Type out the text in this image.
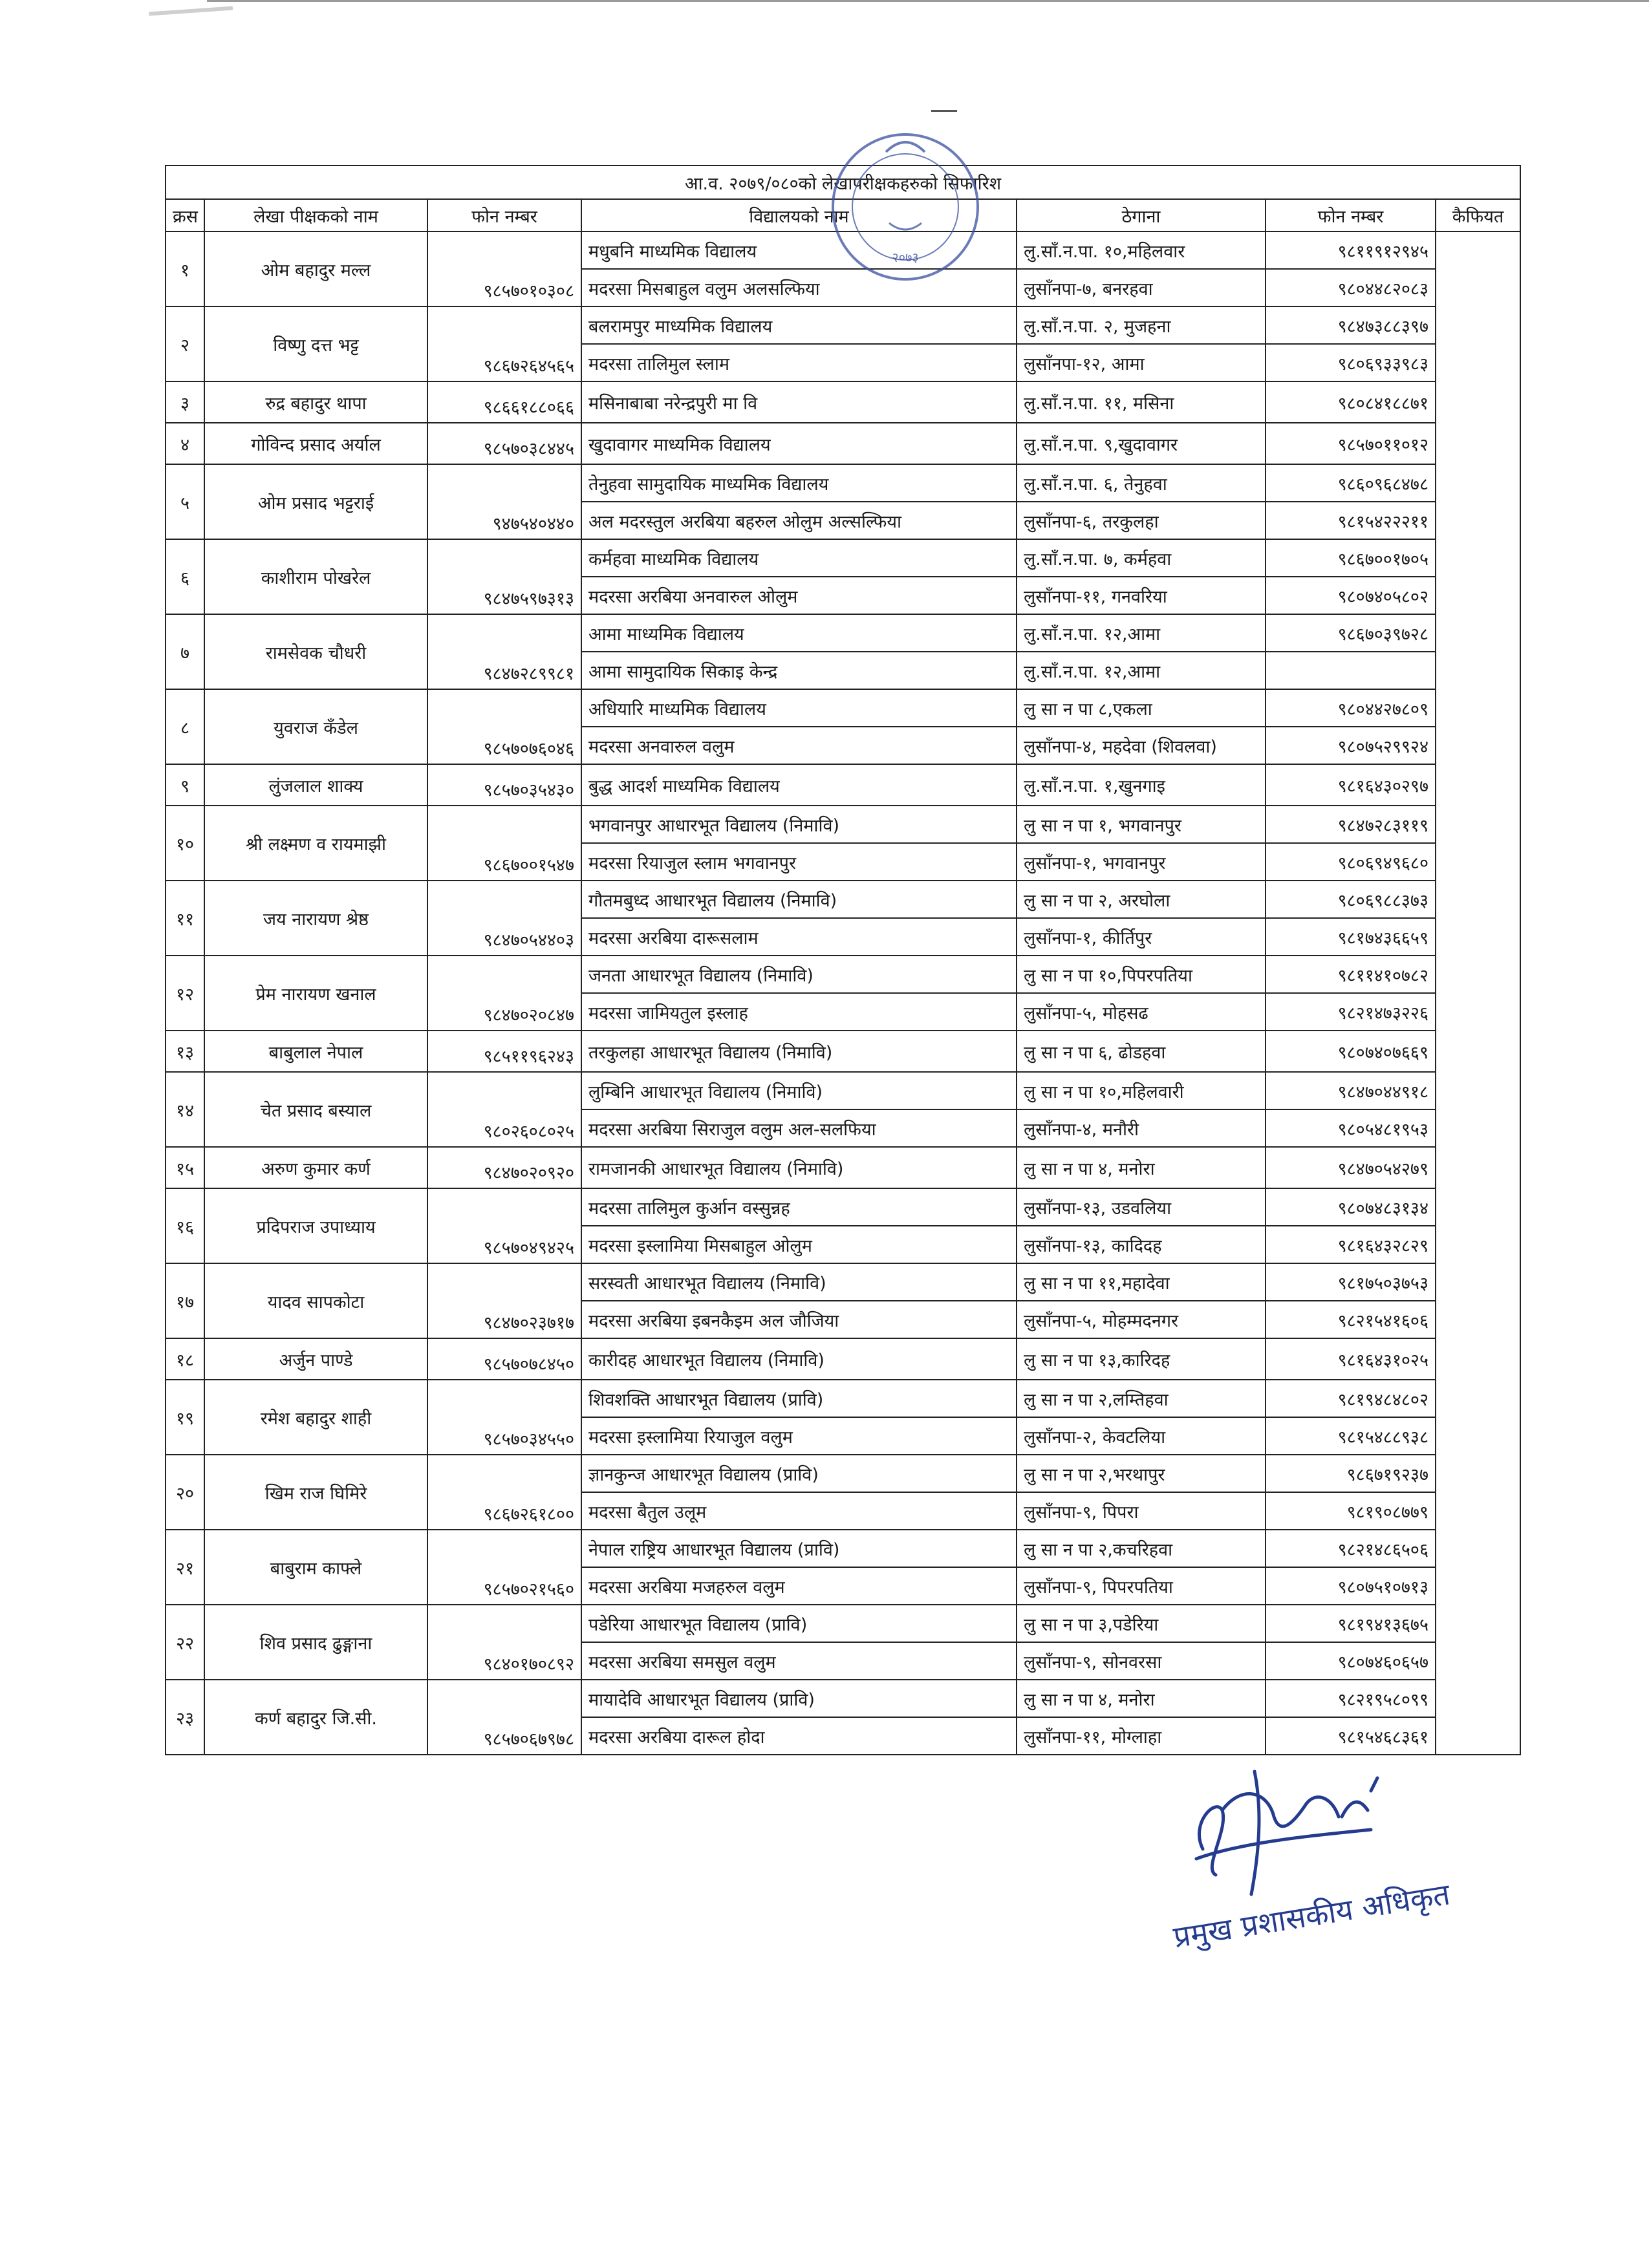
आ.व. २०७९/०८०को लेखापरीक्षकहरुको सिफारिश						
क्रस	लेखा पीक्षकको नाम	फोन नम्बर	विद्यालयको नाम	ठेगाना	फोन नम्बर	कैफियत
१	ओम बहादुर मल्ल	९८५७०१०३०८	मधुबनि माध्यमिक विद्यालय	लु.साँ.न.पा. १०,महिलवार	९८११९१२९४५	
			मदरसा मिसबाहुल वलुम अलसल्फिया	लुसाँनपा-७, बनरहवा	९८०४४८२०८३	
२	विष्णु दत्त भट्ट	९८६७२६४५६५	बलरामपुर माध्यमिक विद्यालय	लु.साँ.न.पा. २, मुजहना	९८४७३८८३९७	
			मदरसा तालिमुल स्लाम	लुसाँनपा-१२, आमा	९८०६९३३९८३	
३	रुद्र बहादुर थापा	९८६६१८८०६६	मसिनाबाबा नरेन्द्रपुरी मा वि	लु.साँ.न.पा. ११, मसिना	९८०८४१८८७१	
४	गोविन्द प्रसाद अर्याल	९८५७०३८४४५	खुदावागर माध्यमिक विद्यालय	लु.साँ.न.पा. ९,खुदावागर	९८५७०११०१२	
५	ओम प्रसाद भट्टराई	९४७५४०४४०	तेनुहवा सामुदायिक माध्यमिक विद्यालय	लु.साँ.न.पा. ६, तेनुहवा	९८६०९६८४७८	
			अल मदरस्तुल अरबिया बहरुल ओलुम अल्सल्फिया	लुसाँनपा-६, तरकुलहा	९८१५४२२२११	
६	काशीराम पोखरेल	९८४७५९७३१३	कर्महवा माध्यमिक विद्यालय	लु.साँ.न.पा. ७, कर्महवा	९८६७००१७०५	
			मदरसा अरबिया अनवारुल ओलुम	लुसाँनपा-११, गनवरिया	९८०७४०५८०२	
७	रामसेवक चौधरी	९८४७२८९९८१	आमा माध्यमिक विद्यालय	लु.साँ.न.पा. १२,आमा	९८६७०३९७२८	
			आमा सामुदायिक सिकाइ केन्द्र	लु.साँ.न.पा. १२,आमा		
८	युवराज कँडेल	९८५७०७६०४६	अधियारि माध्यमिक विद्यालय	लु सा न पा ८,एकला	९८०४४२७८०९	
			मदरसा अनवारुल वलुम	लुसाँनपा-४, महदेवा (शिवलवा)	९८०७५२९९२४	
९	लुंजलाल शाक्य	९८५७०३५४३०	बुद्ध आदर्श माध्यमिक विद्यालय	लु.साँ.न.पा. १,खुनगाइ	९८१६४३०२९७	
१०	श्री लक्ष्मण व रायमाझी	९८६७००१५४७	भगवानपुर आधारभूत विद्यालय (निमावि)	लु सा न पा १, भगवानपुर	९८४७२८३११९	
			मदरसा रियाजुल स्लाम भगवानपुर	लुसाँनपा-१, भगवानपुर	९८०६९४९६८०	
११	जय नारायण श्रेष्ठ	९८४७०५४४०३	गौतमबुध्द आधारभूत विद्यालय (निमावि)	लु सा न पा २, अरघोला	९८०६९८८३७३	
			मदरसा अरबिया दारूसलाम	लुसाँनपा-१, कीर्तिपुर	९८१७४३६६५९	
१२	प्रेम नारायण खनाल	९८४७०२०८४७	जनता आधारभूत विद्यालय (निमावि)	लु सा न पा १०,पिपरपतिया	९८११४१०७८२	
			मदरसा जामियतुल इस्लाह	लुसाँनपा-५, मोहसढ	९८२१४७३२२६	
१३	बाबुलाल नेपाल	९८५११९६२४३	तरकुलहा आधारभूत विद्यालय (निमावि)	लु सा न पा ६, ढोडहवा	९८०७४०७६६९	
१४	चेत प्रसाद बस्याल	९८०२६०८०२५	लुम्बिनि आधारभूत विद्यालय (निमावि)	लु सा न पा १०,महिलवारी	९८४७०४४९१८	
			मदरसा अरबिया सिराजुल वलुम अल-सलफिया	लुसाँनपा-४, मनौरी	९८०५४८१९५३	
१५	अरुण कुमार कर्ण	९८४७०२०९२०	रामजानकी आधारभूत विद्यालय (निमावि)	लु सा न पा ४, मनोरा	९८४७०५४२७९	
१६	प्रदिपराज उपाध्याय	९८५७०४९४२५	मदरसा तालिमुल कुर्आन वस्सुन्नह	लुसाँनपा-१३, उडवलिया	९८०७४८३१३४	
			मदरसा इस्लामिया मिसबाहुल ओलुम	लुसाँनपा-१३, कादिदह	९८१६४३२८२९	
१७	यादव सापकोटा	९८४७०२३७१७	सरस्वती आधारभूत विद्यालय (निमावि)	लु सा न पा ११,महादेवा	९८१७५०३७५३	
			मदरसा अरबिया इबनकैइम अल जौजिया	लुसाँनपा-५, मोहम्मदनगर	९८२१५४१६०६	
१८	अर्जुन पाण्डे	९८५७०७८४५०	कारीदह आधारभूत विद्यालय (निमावि)	लु सा न पा १३,कारिदह	९८१६४३१०२५	
१९	रमेश बहादुर शाही	९८५७०३४५५०	शिवशक्ति आधारभूत विद्यालय (प्रावि)	लु सा न पा २,लम्तिहवा	९८१९४८४८०२	
			मदरसा इस्लामिया रियाजुल वलुम	लुसाँनपा-२, केवटलिया	९८१५४८८९३८	
२०	खिम राज घिमिरे	९८६७२६१८००	ज्ञानकुन्ज आधारभूत विद्यालय (प्रावि)	लु सा न पा २,भरथापुर	९८६७१९२३७	
			मदरसा बैतुल उलूम	लुसाँनपा-९, पिपरा	९८१९०८७७९	
२१	बाबुराम काफ्ले	९८५७०२१५६०	नेपाल राष्ट्रिय आधारभूत विद्यालय (प्रावि)	लु सा न पा २,कचरिहवा	९८२१४८६५०६	
			मदरसा अरबिया मजहरुल वलुम	लुसाँनपा-९, पिपरपतिया	९८०७५१०७१३	
२२	शिव प्रसाद ढुङ्गाना	९८४०१७०८९२	पडेरिया आधारभूत विद्यालय (प्रावि)	लु सा न पा ३,पडेरिया	९८१९४१३६७५	
			मदरसा अरबिया समसुल वलुम	लुसाँनपा-९, सोनवरसा	९८०७४६०६५७	
२३	कर्ण बहादुर जि.सी.	९८५७०६७९७८	मायादेवि आधारभूत विद्यालय (प्रावि)	लु सा न पा ४, मनोरा	९८२१९५८०९९	
			मदरसा अरबिया दारूल होदा	लुसाँनपा-११, मोग्लाहा	९८१५४६८३६१	
२०७३
प्रमुख प्रशासकीय अधिकृत
